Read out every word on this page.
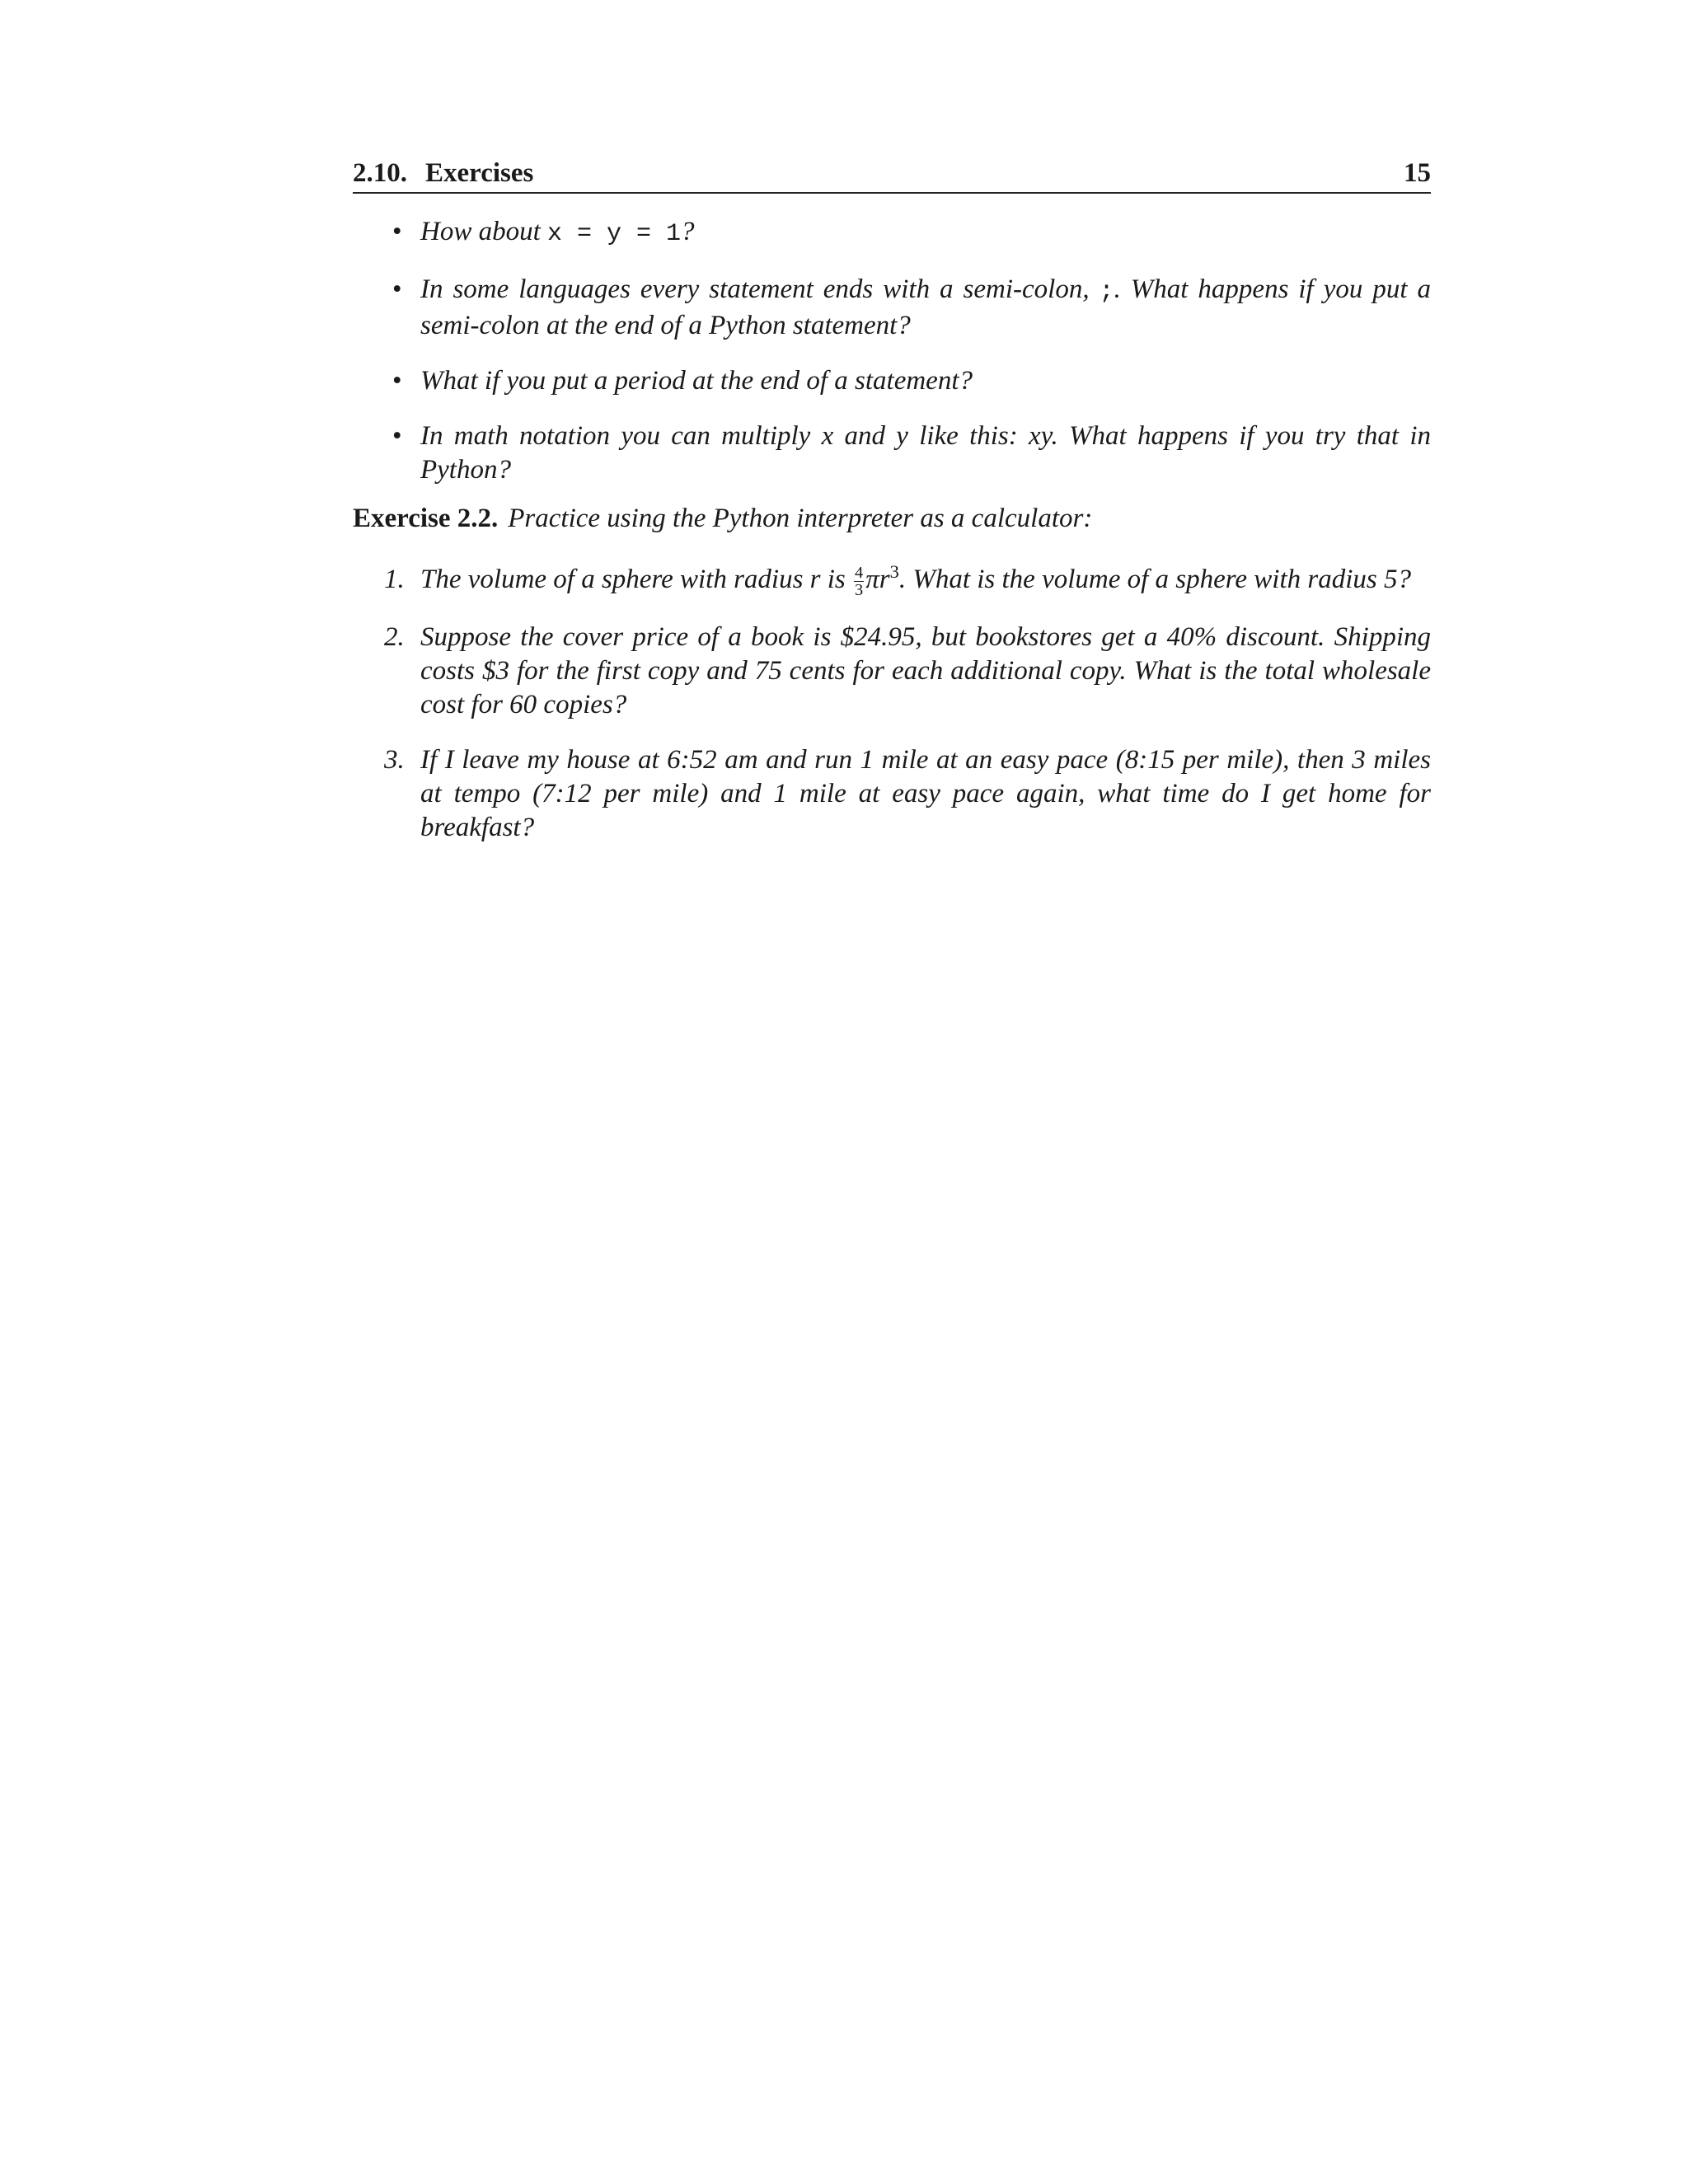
2.10. Exercises	15
• How about x = y = 1?
• In some languages every statement ends with a semi-colon, ;. What happens if you put a semi-colon at the end of a Python statement?
• What if you put a period at the end of a statement?
• In math notation you can multiply x and y like this: xy. What happens if you try that in Python?

Exercise 2.2. Practice using the Python interpreter as a calculator:

1. The volume of a sphere with radius r is $\frac{4}{3} \pi r^3$. What is the volume of a sphere with radius 5?
2. Suppose the cover price of a book is $24.95, but bookstores get a 40% discount. Shipping costs $3 for the first copy and 75 cents for each additional copy. What is the total wholesale cost for 60 copies?
3. If I leave my house at 6:52 am and run 1 mile at an easy pace (8:15 per mile), then 3 miles at tempo (7:12 per mile) and 1 mile at easy pace again, what time do I get home for breakfast?
